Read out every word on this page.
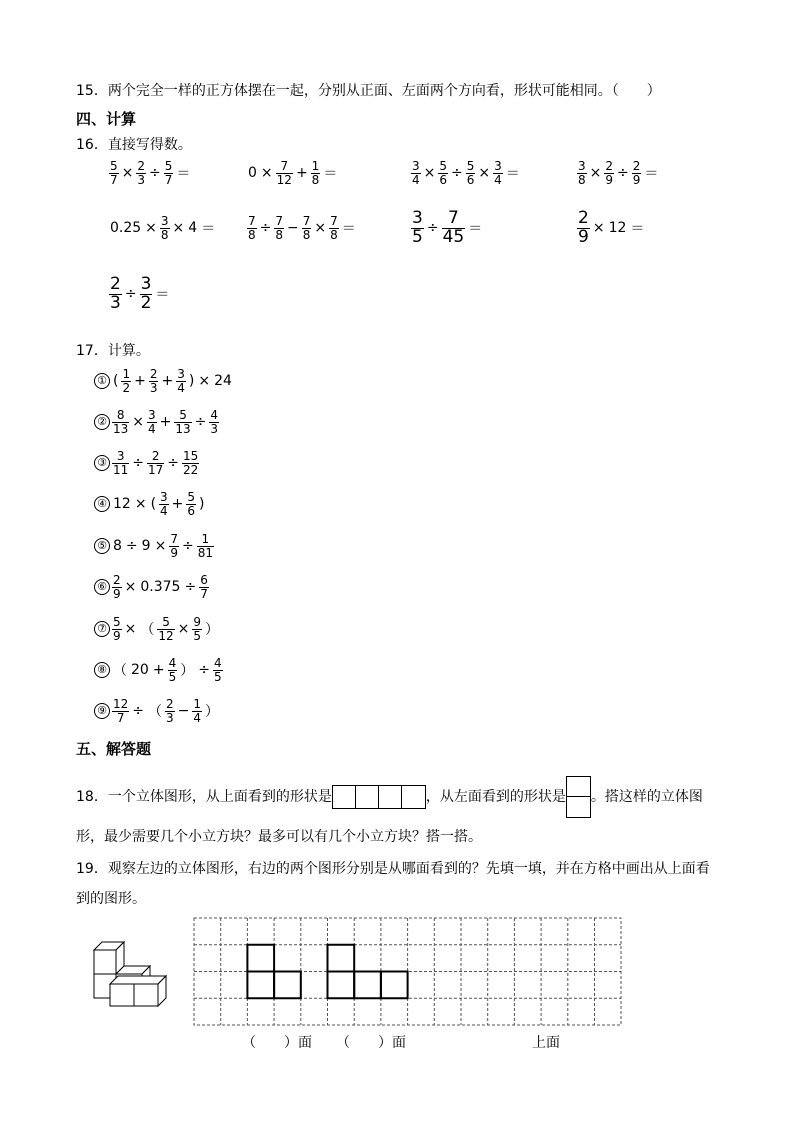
15．两个完全一样的正方体摆在一起，分别从正面、左面两个方向看，形状可能相同。（　　）
四、计算
16．直接写得数。
$\frac{5}{7} \times \frac{2}{3} \div \frac{5}{7}$ ＝	$0 \times \frac{7}{12} + \frac{1}{8}$ ＝	$\frac{3}{4} \times \frac{5}{6} \div \frac{5}{6} \times \frac{3}{4}$ ＝	$\frac{3}{8} \times \frac{2}{9} \div \frac{2}{9}$ ＝
$0.25 \times \frac{3}{8} \times 4$ ＝	$\frac{7}{8} \div \frac{7}{8} - \frac{7}{8} \times \frac{7}{8}$ ＝	$\frac{3}{5} \div \frac{7}{45}$ ＝	$\frac{2}{9} \times 12$ ＝
$\frac{2}{3} \div \frac{3}{2}$ ＝
17．计算。
① ( $\frac{1}{2} + \frac{2}{3} + \frac{3}{4}$ ) × 24
② $\frac{8}{13} \times \frac{3}{4} + \frac{5}{13} \div \frac{4}{3}$
③ $\frac{3}{11} \div \frac{2}{17} \div \frac{15}{22}$
④ 12 × ( $\frac{3}{4} + \frac{5}{6}$ )
⑤ $8 \div 9 \times \frac{7}{9} \div \frac{1}{81}$
⑥ $\frac{2}{9} \times 0.375 \div \frac{6}{7}$
⑦ $\frac{5}{9}$ × （ $\frac{5}{12} \times \frac{9}{5}$ ）
⑧ （ $20 + \frac{4}{5}$ ） ÷ $\frac{4}{5}$
⑨ $\frac{12}{7}$ ÷ （ $\frac{2}{3} - \frac{1}{4}$ ）
五、解答题
18．一个立体图形，从上面看到的形状是	，从左面看到的形状是 。搭这样的立体图
形，最少需要几个小立方块？最多可以有几个小立方块？搭一搭。
19．观察左边的立体图形，右边的两个图形分别是从哪面看到的？先填一填，并在方格中画出从上面看
到的图形。
（　　）面 （　　）面	上面
